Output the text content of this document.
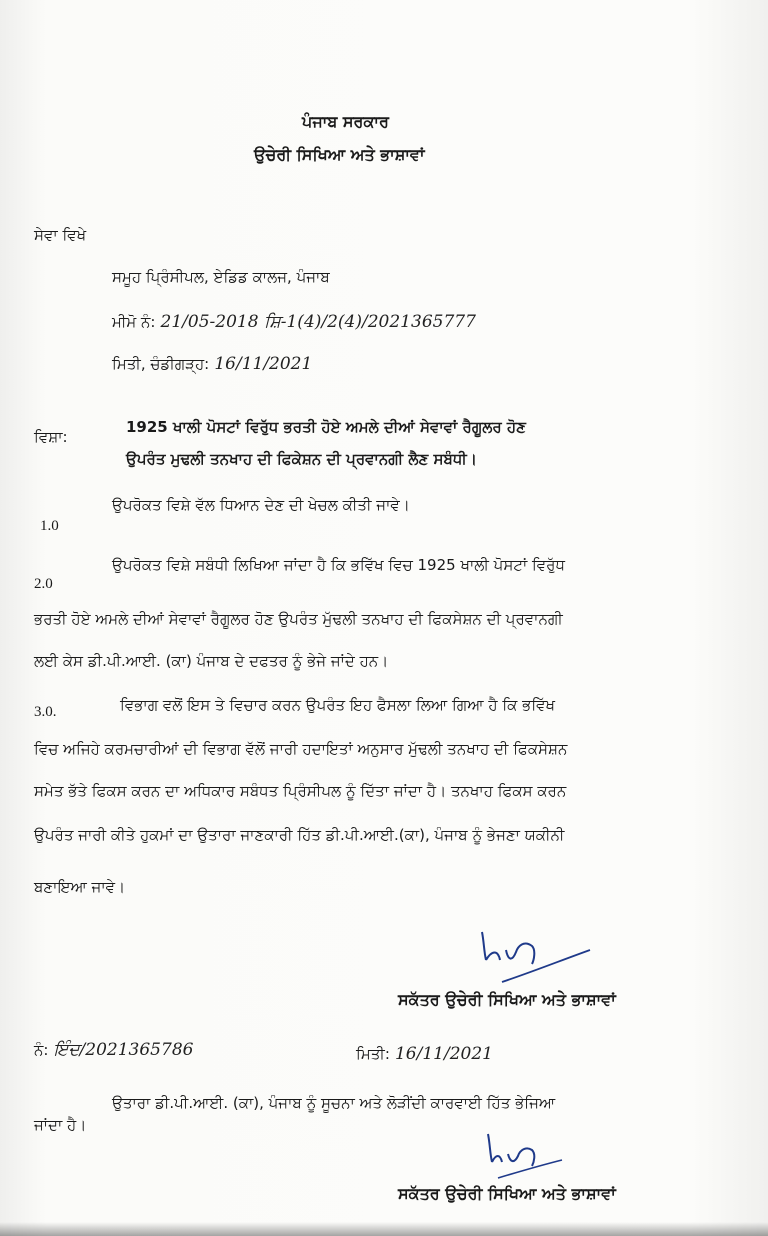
ਪੰਜਾਬ ਸਰਕਾਰ
ਉਚੇਰੀ ਸਿਖਿਆ ਅਤੇ ਭਾਸ਼ਾਵਾਂ
ਸੇਵਾ ਵਿਖੇ
ਸਮੂਹ ਪ੍ਰਿੰਸੀਪਲ, ਏਡਿਡ ਕਾਲਜ, ਪੰਜਾਬ
ਮੀਮੋ ਨੰ: 21/05-2018 ਸ਼ਿ-1(4)/2(4)/2021365777
ਮਿਤੀ, ਚੰਡੀਗੜ੍ਹ: 16/11/2021
ਵਿਸ਼ਾ:
1925 ਖਾਲੀ ਪੋਸਟਾਂ ਵਿਰੁੱਧ ਭਰਤੀ ਹੋਏ ਅਮਲੇ ਦੀਆਂ ਸੇਵਾਵਾਂ ਰੈਗੂਲਰ ਹੋਣ
ਉਪਰੰਤ ਮੁਢਲੀ ਤਨਖਾਹ ਦੀ ਫਿਕੇਸ਼ਨ ਦੀ ਪ੍ਰਵਾਨਗੀ ਲੈਣ ਸਬੰਧੀ।
1.0
ਉਪਰੋਕਤ ਵਿਸ਼ੇ ਵੱਲ ਧਿਆਨ ਦੇਣ ਦੀ ਖੇਚਲ ਕੀਤੀ ਜਾਵੇ।
2.0
ਉਪਰੋਕਤ ਵਿਸ਼ੇ ਸਬੰਧੀ ਲਿਖਿਆ ਜਾਂਦਾ ਹੈ ਕਿ ਭਵਿੱਖ ਵਿਚ 1925 ਖਾਲੀ ਪੋਸਟਾਂ ਵਿਰੁੱਧ
ਭਰਤੀ ਹੋਏ ਅਮਲੇ ਦੀਆਂ ਸੇਵਾਵਾਂ ਰੈਗੂਲਰ ਹੋਣ ਉਪਰੰਤ ਮੁੱਢਲੀ ਤਨਖਾਹ ਦੀ ਫਿਕਸੇਸ਼ਨ ਦੀ ਪ੍ਰਵਾਨਗੀ
ਲਈ ਕੇਸ ਡੀ.ਪੀ.ਆਈ. (ਕਾ) ਪੰਜਾਬ ਦੇ ਦਫਤਰ ਨੂੰ ਭੇਜੇ ਜਾਂਦੇ ਹਨ।
3.0.	ਵਿਭਾਗ ਵਲੋਂ ਇਸ ਤੇ ਵਿਚਾਰ ਕਰਨ ਉਪਰੰਤ ਇਹ ਫੈਸਲਾ ਲਿਆ ਗਿਆ ਹੈ ਕਿ ਭਵਿੱਖ
ਵਿਚ ਅਜਿਹੇ ਕਰਮਚਾਰੀਆਂ ਦੀ ਵਿਭਾਗ ਵੱਲੋਂ ਜਾਰੀ ਹਦਾਇਤਾਂ ਅਨੁਸਾਰ ਮੁੱਢਲੀ ਤਨਖਾਹ ਦੀ ਫਿਕਸੇਸ਼ਨ
ਸਮੇਤ ਭੱਤੇ ਫਿਕਸ ਕਰਨ ਦਾ ਅਧਿਕਾਰ ਸਬੰਧਤ ਪ੍ਰਿੰਸੀਪਲ ਨੂੰ ਦਿੱਤਾ ਜਾਂਦਾ ਹੈ। ਤਨਖਾਹ ਫਿਕਸ ਕਰਨ
ਉਪਰੰਤ ਜਾਰੀ ਕੀਤੇ ਹੁਕਮਾਂ ਦਾ ਉਤਾਰਾ ਜਾਣਕਾਰੀ ਹਿੱਤ ਡੀ.ਪੀ.ਆਈ.(ਕਾ), ਪੰਜਾਬ ਨੂੰ ਭੇਜਣਾ ਯਕੀਨੀ
ਬਣਾਇਆ ਜਾਵੇ।
ਸਕੱਤਰ ਉਚੇਰੀ ਸਿਖਿਆ ਅਤੇ ਭਾਸ਼ਾਵਾਂ
ਨੰ: ਇੰਦ/2021365786	ਮਿਤੀ: 16/11/2021
ਉਤਾਰਾ ਡੀ.ਪੀ.ਆਈ. (ਕਾ), ਪੰਜਾਬ ਨੂੰ ਸੂਚਨਾ ਅਤੇ ਲੋੜੀਂਦੀ ਕਾਰਵਾਈ ਹਿੱਤ ਭੇਜਿਆ
ਜਾਂਦਾ ਹੈ।
ਸਕੱਤਰ ਉਚੇਰੀ ਸਿਖਿਆ ਅਤੇ ਭਾਸ਼ਾਵਾਂ
